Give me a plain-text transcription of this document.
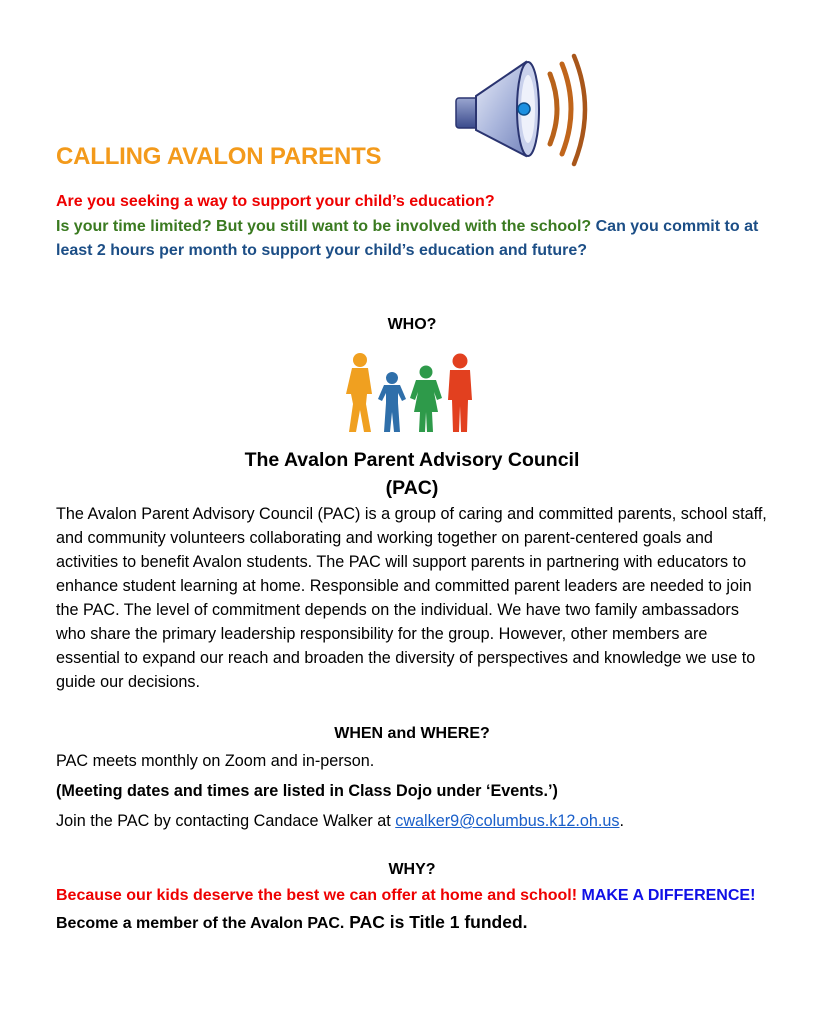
CALLING AVALON PARENTS
Are you seeking a way to support your child’s education?
Is your time limited? But you still want to be involved with the school? Can you commit to at least 2 hours per month to support your child’s education and future?
WHO?
The Avalon Parent Advisory Council
(PAC)
The Avalon Parent Advisory Council (PAC) is a group of caring and committed parents, school staff, and community volunteers collaborating and working together on parent-centered goals and activities to benefit Avalon students. The PAC will support parents in partnering with educators to enhance student learning at home. Responsible and committed parent leaders are needed to join the PAC. The level of commitment depends on the individual. We have two family ambassadors who share the primary leadership responsibility for the group. However, other members are essential to expand our reach and broaden the diversity of perspectives and knowledge we use to guide our decisions.
WHEN and WHERE?
PAC meets monthly on Zoom and in-person.
(Meeting dates and times are listed in Class Dojo under ‘Events.’)
Join the PAC by contacting Candace Walker at cwalker9@columbus.k12.oh.us.
WHY?
Because our kids deserve the best we can offer at home and school! MAKE A DIFFERENCE! Become a member of the Avalon PAC. PAC is Title 1 funded.
